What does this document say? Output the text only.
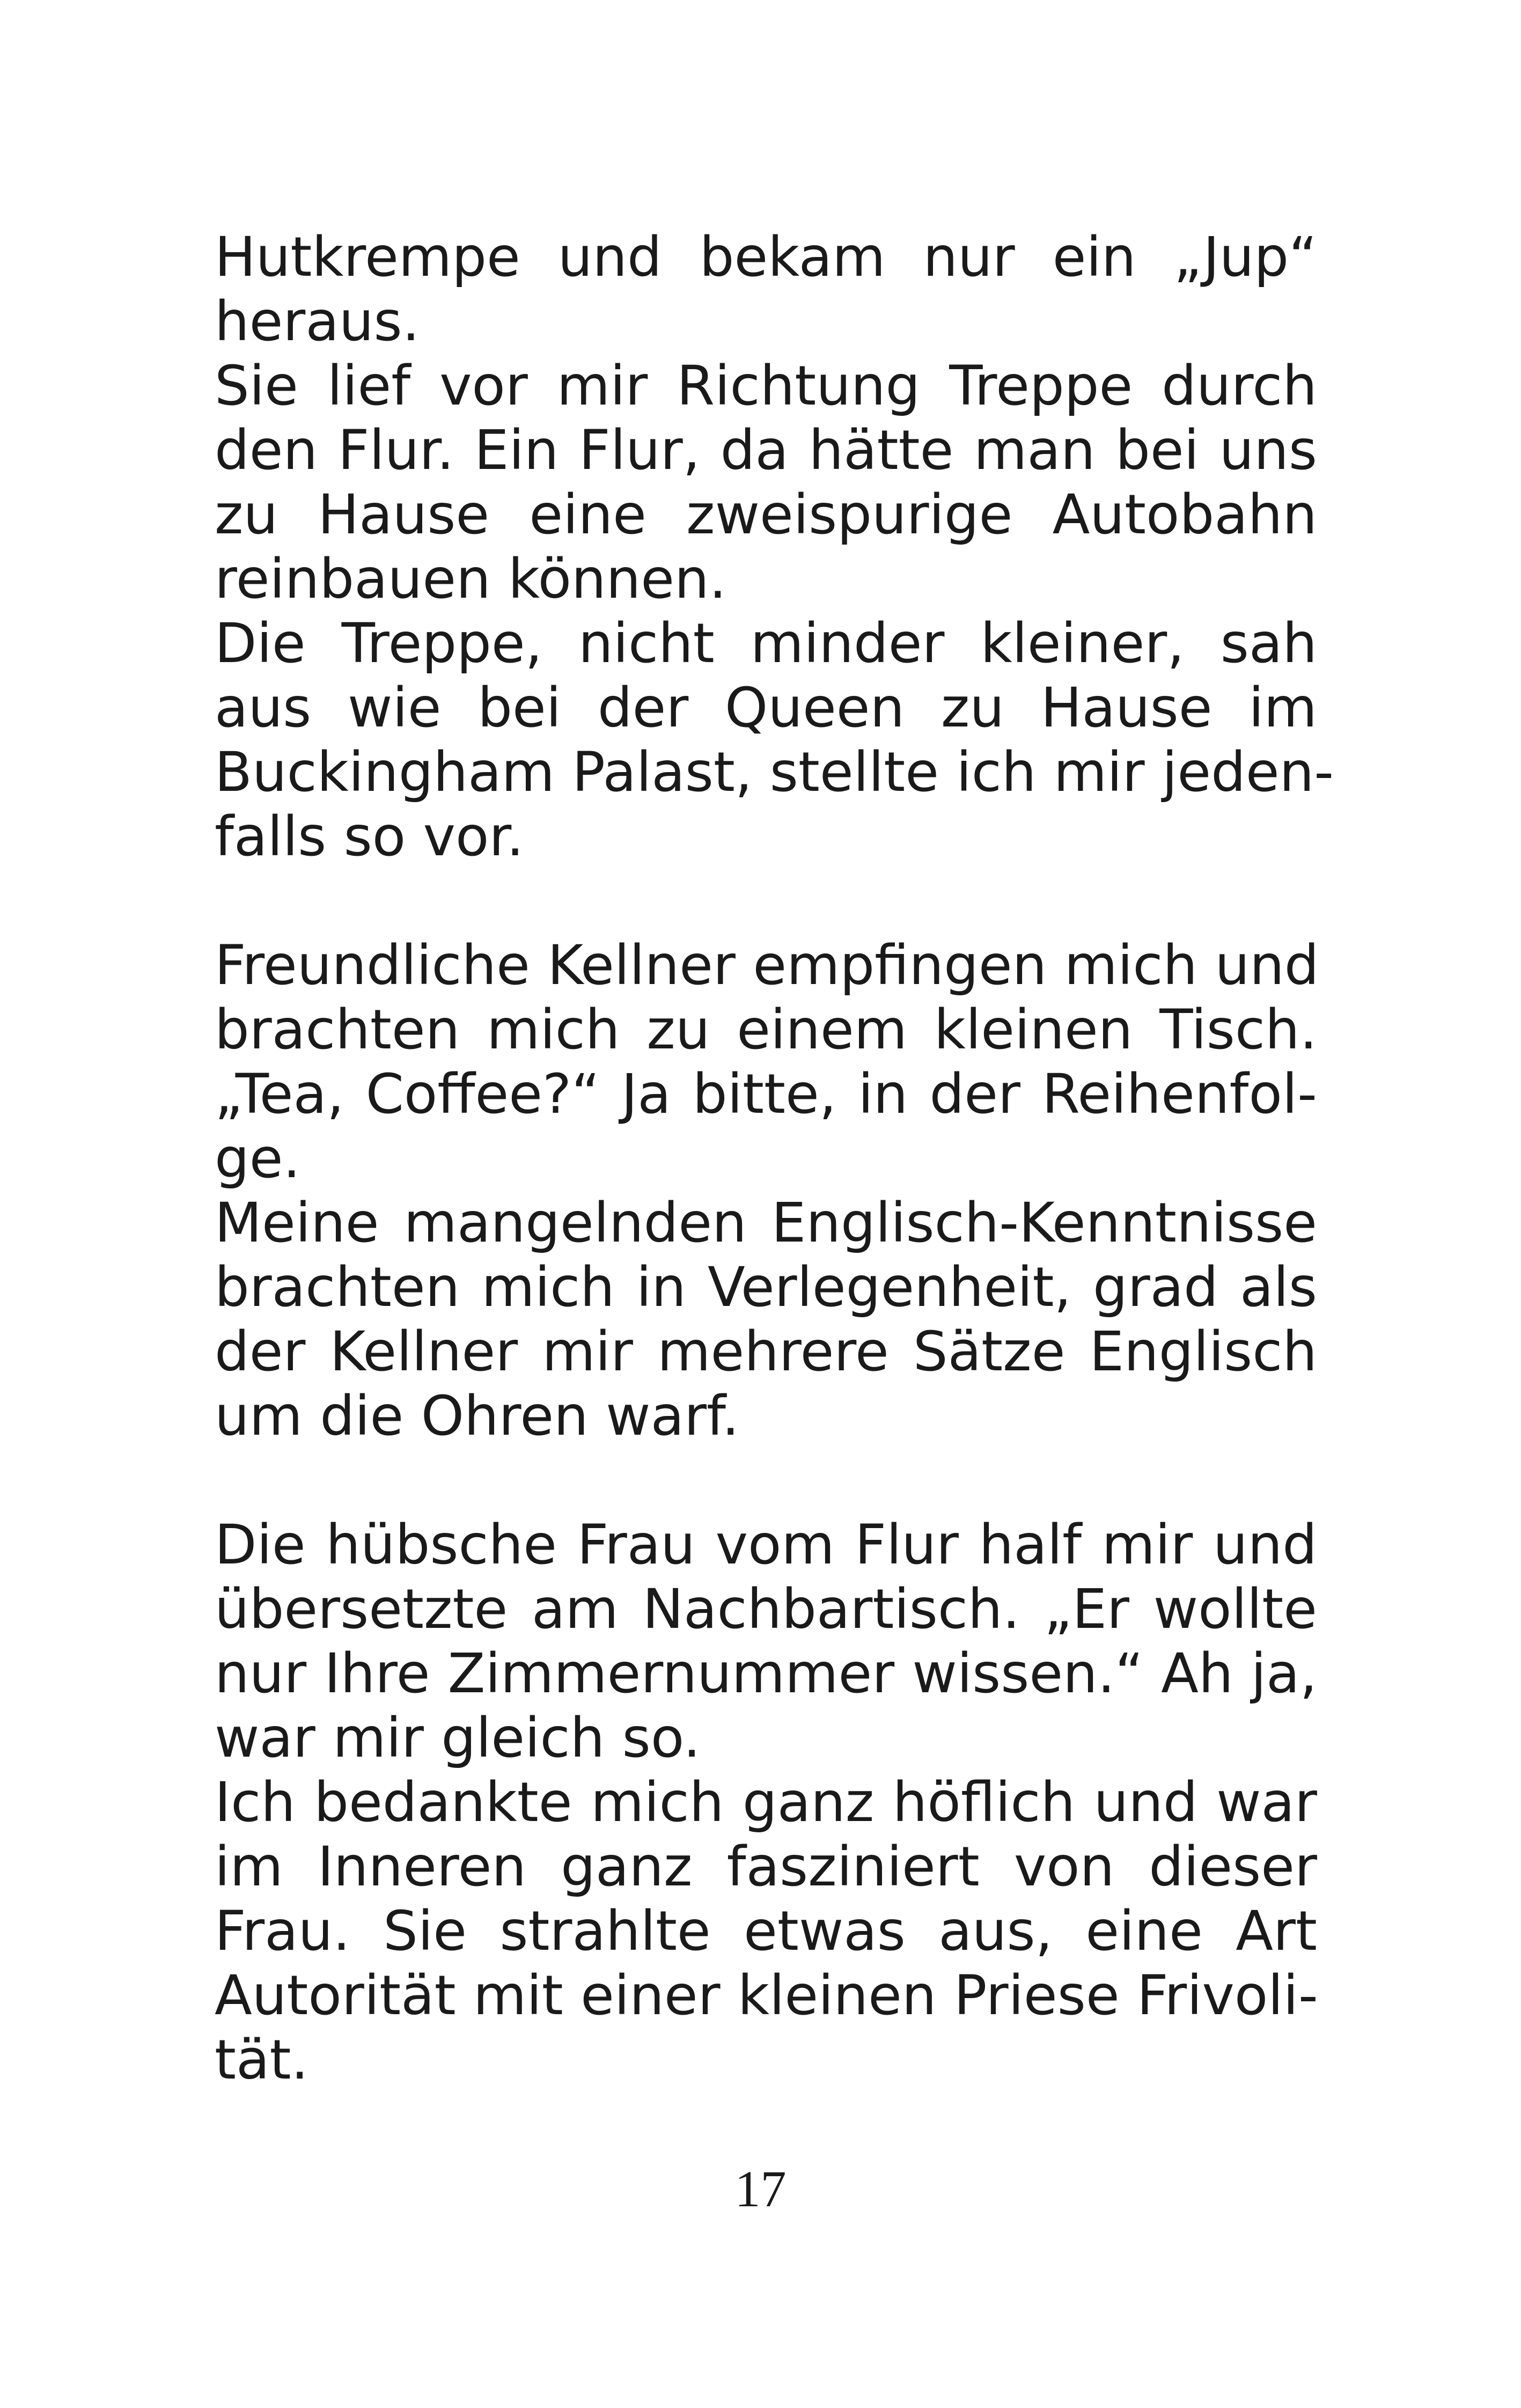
Hutkrempe und bekam nur ein „Jup“
heraus.
Sie lief vor mir Richtung Treppe durch
den Flur. Ein Flur, da hätte man bei uns
zu Hause eine zweispurige Autobahn
reinbauen können.
Die Treppe, nicht minder kleiner, sah
aus wie bei der Queen zu Hause im
Buckingham Palast, stellte ich mir jeden-
falls so vor.
Freundliche Kellner empfingen mich und
brachten mich zu einem kleinen Tisch.
„Tea, Coffee?“ Ja bitte, in der Reihenfol-
ge.
Meine mangelnden Englisch-Kenntnisse
brachten mich in Verlegenheit, grad als
der Kellner mir mehrere Sätze Englisch
um die Ohren warf.
Die hübsche Frau vom Flur half mir und
übersetzte am Nachbartisch. „Er wollte
nur Ihre Zimmernummer wissen.“ Ah ja,
war mir gleich so.
Ich bedankte mich ganz höflich und war
im Inneren ganz fasziniert von dieser
Frau. Sie strahlte etwas aus, eine Art
Autorität mit einer kleinen Priese Frivoli-
tät.
17
